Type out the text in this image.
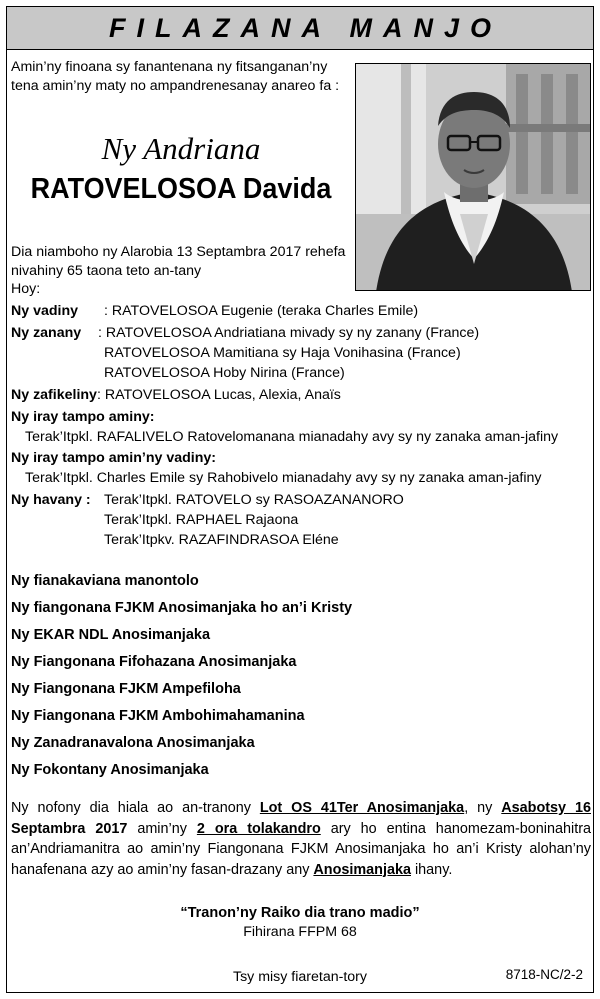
FILAZANA MANJO
Amin’ny finoana sy fanantenana ny fitsanganan’ny tena amin’ny maty no ampandrenesanay anareo fa :
Ny Andriana
RATOVELOSOA Davida
Dia niamboho ny Alarobia 13 Septambra 2017 rehefa nivahiny 65 taona teto an-tany
Hoy:
Ny vadiny : RATOVELOSOA Eugenie (teraka Charles Emile)
Ny zanany : RATOVELOSOA Andriatiana mivady sy ny zanany (France)
RATOVELOSOA Mamitiana sy Haja Vonihasina (France)
RATOVELOSOA Hoby Nirina (France)
Ny zafikeliny: RATOVELOSOA Lucas, Alexia, Anaïs
Ny iray tampo aminy:
Terak’Itpkl. RAFALIVELO Ratovelomanana mianadahy avy sy ny zanaka aman-jafiny
Ny iray tampo amin’ny vadiny:
Terak’Itpkl. Charles Emile sy Rahobivelo mianadahy avy sy ny zanaka aman-jafiny
Ny havany : Terak’Itpkl. RATOVELO sy RASOAZANANORO
Terak’Itpkl. RAPHAEL Rajaona
Terak’Itpkv. RAZAFINDRASOA Eléne
Ny fianakaviana manontolo
Ny fiangonana FJKM Anosimanjaka ho an’i Kristy
Ny EKAR NDL Anosimanjaka
Ny Fiangonana Fifohazana Anosimanjaka
Ny Fiangonana FJKM Ampefiloha
Ny Fiangonana FJKM Ambohimahamanina
Ny Zanadranavalona Anosimanjaka
Ny Fokontany Anosimanjaka
Ny nofony dia hiala ao an-tranony Lot OS 41Ter Anosimanjaka, ny Asabotsy 16 Septambra 2017 amin’ny 2 ora tolakandro ary ho entina hanomezam-boninahitra an’Andriamanitra ao amin’ny Fiangonana FJKM Anosimanjaka ho an’i Kristy alohan’ny hanafenana azy ao amin’ny fasan-drazany any Anosimanjaka ihany.
“Tranon’ny Raiko dia trano madio”
Fihirana FFPM 68
Tsy misy fiaretan-tory	8718-NC/2-2
